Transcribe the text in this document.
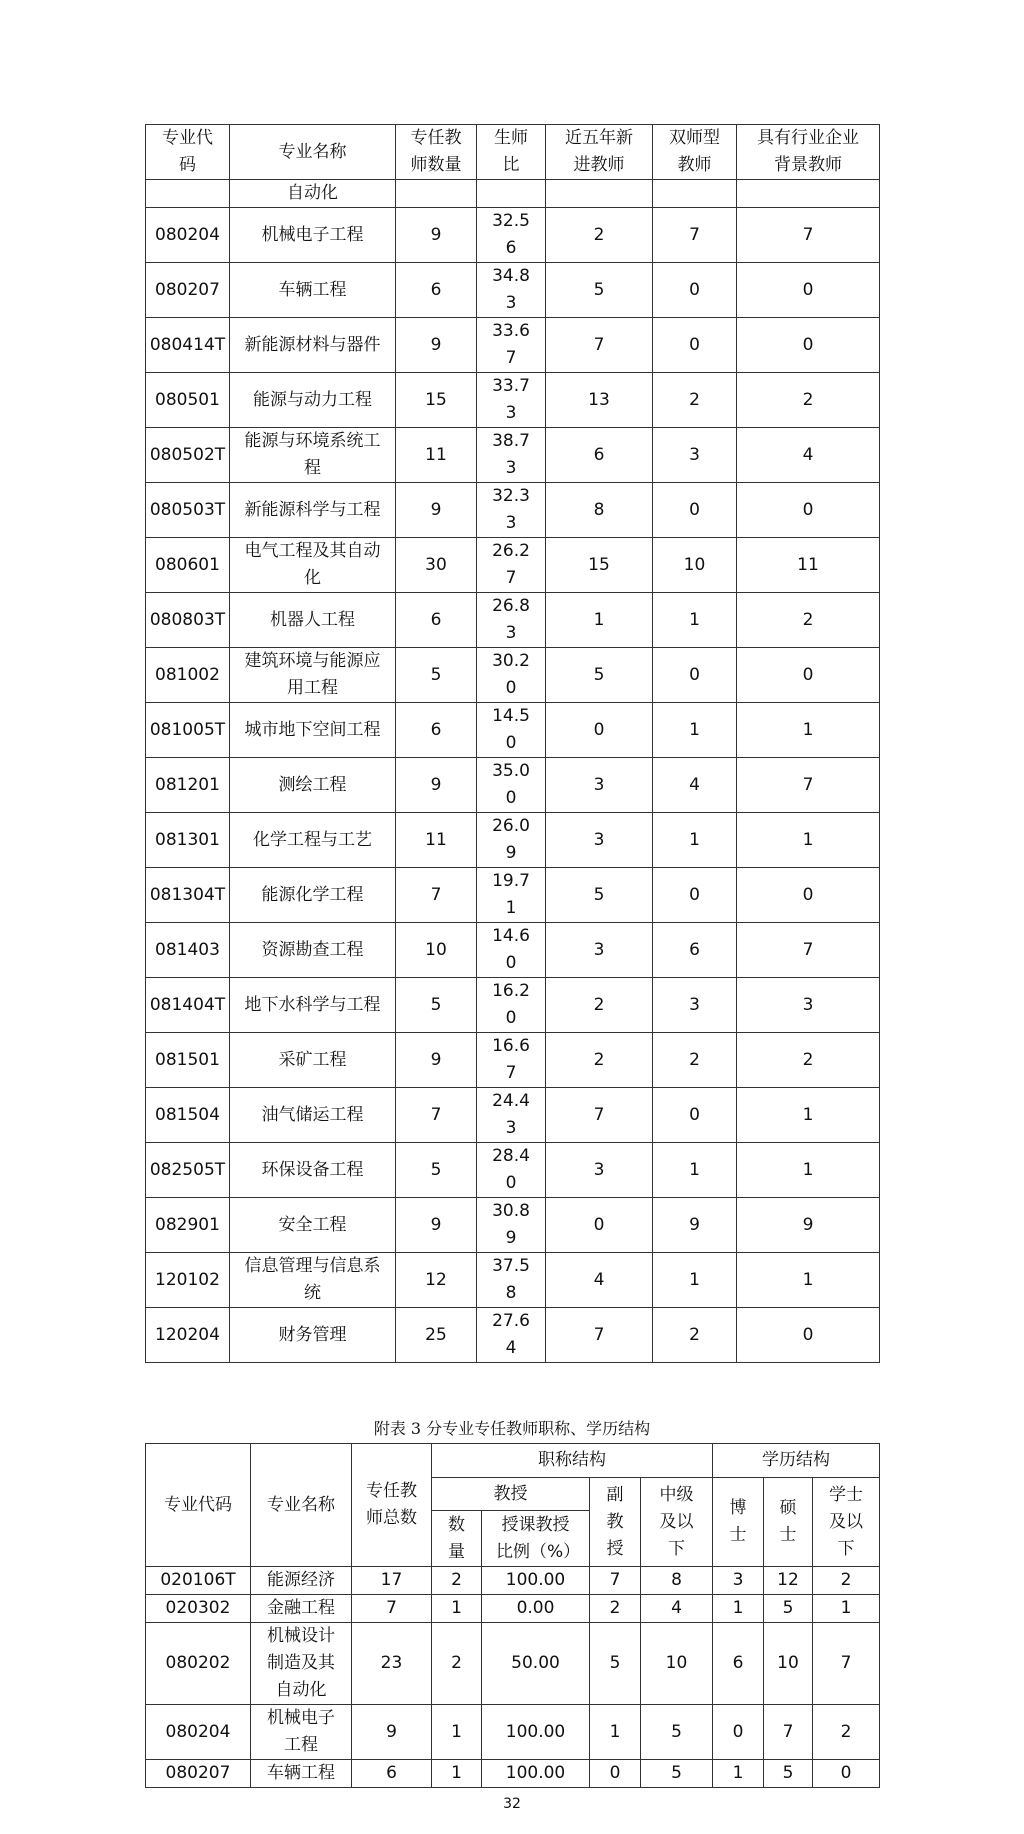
专业代码	专业名称	专任教师数量	生师比	近五年新进教师	双师型教师	具有行业企业背景教师
	自动化					
080204	机械电子工程	9	32.56	2	7	7
080207	车辆工程	6	34.83	5	0	0
080414T	新能源材料与器件	9	33.67	7	0	0
080501	能源与动力工程	15	33.73	13	2	2
080502T	能源与环境系统工程	11	38.73	6	3	4
080503T	新能源科学与工程	9	32.33	8	0	0
080601	电气工程及其自动化	30	26.27	15	10	11
080803T	机器人工程	6	26.83	1	1	2
081002	建筑环境与能源应用工程	5	30.20	5	0	0
081005T	城市地下空间工程	6	14.50	0	1	1
081201	测绘工程	9	35.00	3	4	7
081301	化学工程与工艺	11	26.09	3	1	1
081304T	能源化学工程	7	19.71	5	0	0
081403	资源勘查工程	10	14.60	3	6	7
081404T	地下水科学与工程	5	16.20	2	3	3
081501	采矿工程	9	16.67	2	2	2
081504	油气储运工程	7	24.43	7	0	1
082505T	环保设备工程	5	28.40	3	1	1
082901	安全工程	9	30.89	0	9	9
120102	信息管理与信息系统	12	37.58	4	1	1
120204	财务管理	25	27.64	7	2	0
附表 3 分专业专任教师职称、学历结构
专业代码	专业名称	专任教师总数	职称结构				学历结构		
			教授		副教授	中级及以下	博士	硕士	学士及以下
			数量	授课教授比例（%）					
020106T	能源经济	17	2	100.00	7	8	3	12	2
020302	金融工程	7	1	0.00	2	4	1	5	1
080202	机械设计制造及其自动化	23	2	50.00	5	10	6	10	7
080204	机械电子工程	9	1	100.00	1	5	0	7	2
080207	车辆工程	6	1	100.00	0	5	1	5	0
32
